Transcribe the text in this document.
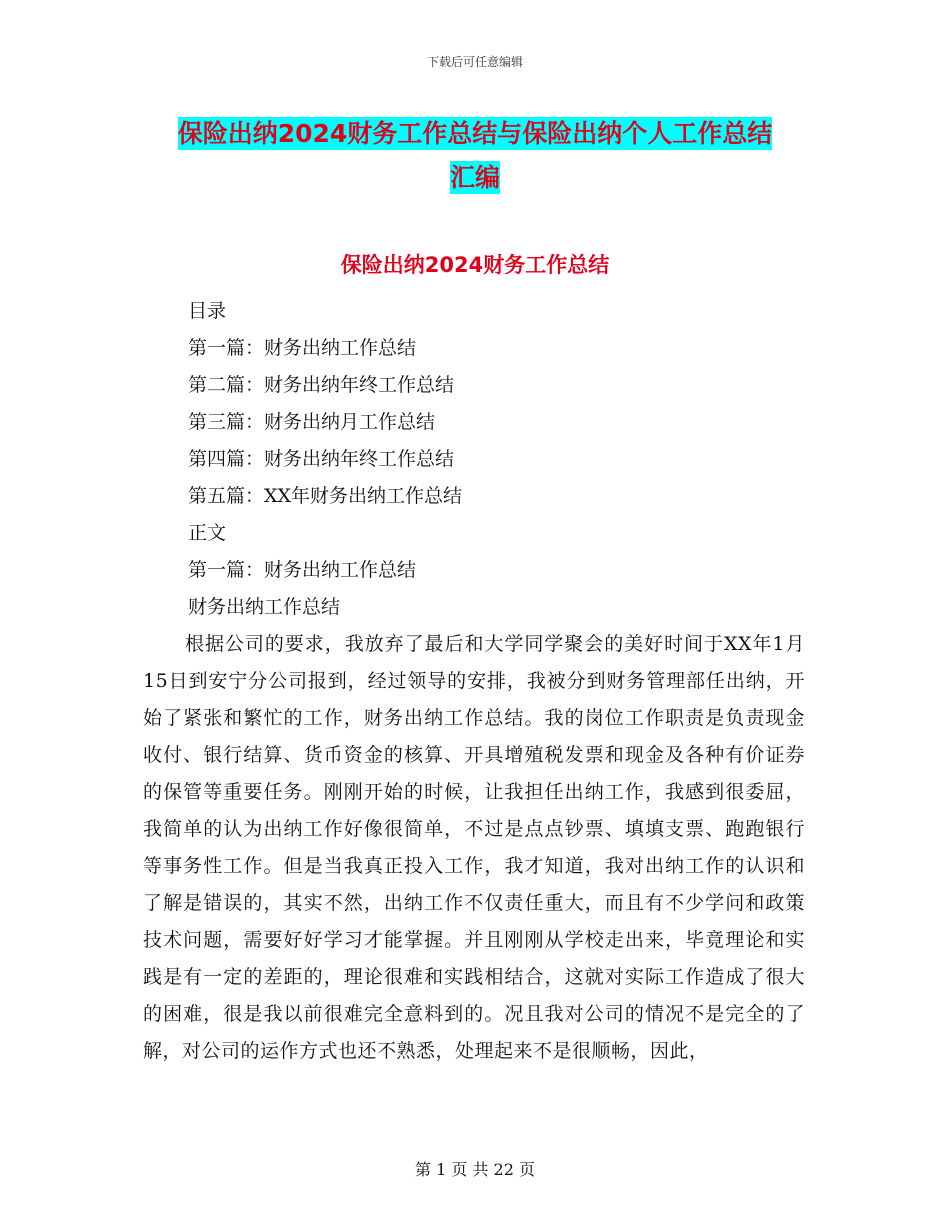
下载后可任意编辑
保险出纳2024财务工作总结与保险出纳个人工作总结
汇编
保险出纳2024财务工作总结
目录
第一篇：财务出纳工作总结
第二篇：财务出纳年终工作总结
第三篇：财务出纳月工作总结
第四篇：财务出纳年终工作总结
第五篇：XX年财务出纳工作总结
正文
第一篇：财务出纳工作总结
财务出纳工作总结

根据公司的要求，我放弃了最后和大学同学聚会的美好时间于XX年1月15日到安宁分公司报到，经过领导的安排，我被分到财务管理部任出纳，开始了紧张和繁忙的工作，财务出纳工作总结。我的岗位工作职责是负责现金收付、银行结算、货币资金的核算、开具增殖税发票和现金及各种有价证券的保管等重要任务。刚刚开始的时候，让我担任出纳工作，我感到很委屈，我简单的认为出纳工作好像很简单，不过是点点钞票、填填支票、跑跑银行等事务性工作。但是当我真正投入工作，我才知道，我对出纳工作的认识和了解是错误的，其实不然，出纳工作不仅责任重大，而且有不少学问和政策技术问题，需要好好学习才能掌握。并且刚刚从学校走出来，毕竟理论和实践是有一定的差距的，理论很难和实践相结合，这就对实际工作造成了很大的困难，很是我以前很难完全意料到的。况且我对公司的情况不是完全的了解，对公司的运作方式也还不熟悉，处理起来不是很顺畅，因此，

第 1 页 共 22 页
